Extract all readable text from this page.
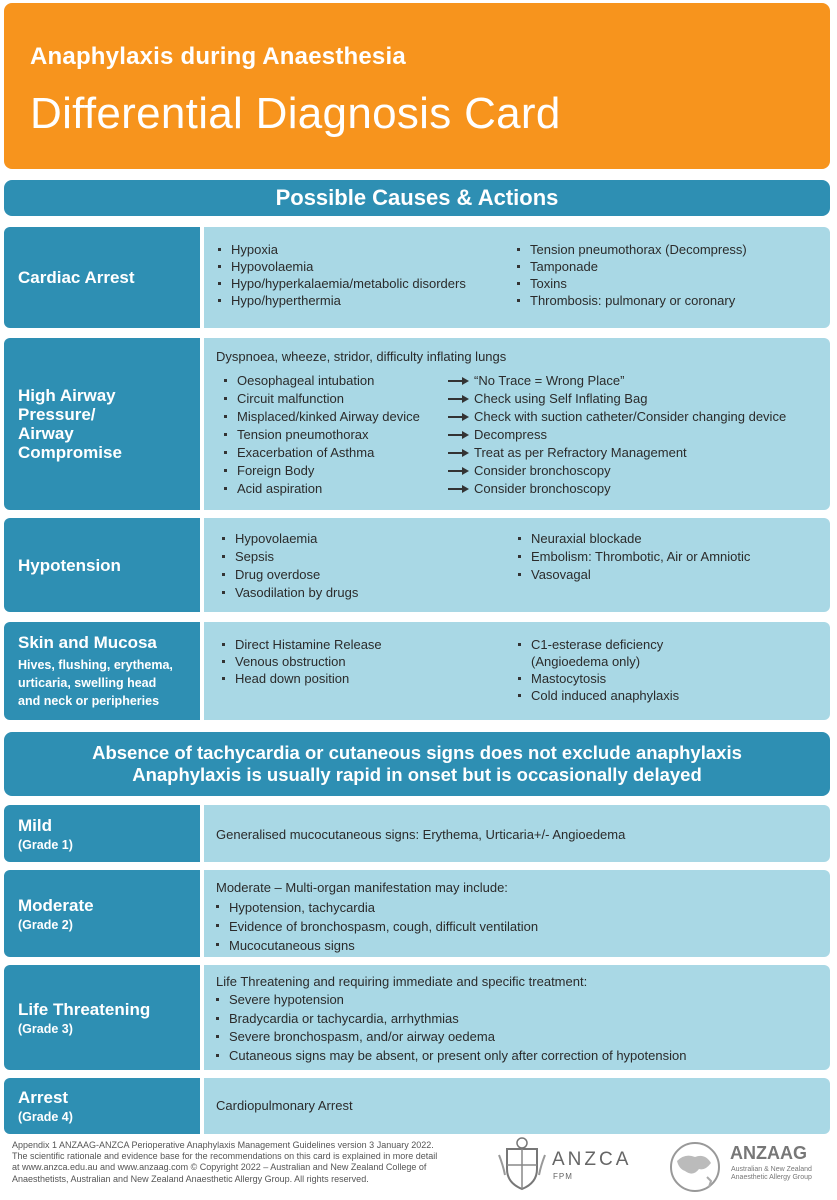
Anaphylaxis during Anaesthesia
Differential Diagnosis Card
Possible Causes & Actions
Cardiac Arrest
Hypoxia
Hypovolaemia
Hypo/hyperkalaemia/metabolic disorders
Hypo/hyperthermia
Tension pneumothorax (Decompress)
Tamponade
Toxins
Thrombosis: pulmonary or coronary
High Airway
Pressure/
Airway
Compromise
Dyspnoea, wheeze, stridor, difficulty inflating lungs
Oesophageal intubation
Circuit malfunction
Misplaced/kinked Airway device
Tension pneumothorax
Exacerbation of Asthma
Foreign Body
Acid aspiration
“No Trace = Wrong Place”
Check using Self Inflating Bag
Check with suction catheter/Consider changing device
Decompress
Treat as per Refractory Management
Consider bronchoscopy
Consider bronchoscopy
Hypotension
Hypovolaemia
Sepsis
Drug overdose
Vasodilation by drugs
Neuraxial blockade
Embolism: Thrombotic, Air or Amniotic
Vasovagal
Skin and Mucosa
Hives, flushing, erythema,
urticaria, swelling head
and neck or peripheries
Direct Histamine Release
Venous obstruction
Head down position
C1-esterase deficiency
(Angioedema only)
Mastocytosis
Cold induced anaphylaxis
Absence of tachycardia or cutaneous signs does not exclude anaphylaxis
Anaphylaxis is usually rapid in onset but is occasionally delayed
Mild
(Grade 1)
Generalised mucocutaneous signs: Erythema, Urticaria+/- Angioedema
Moderate
(Grade 2)
Moderate – Multi-organ manifestation may include:
Hypotension, tachycardia
Evidence of bronchospasm, cough, difficult ventilation
Mucocutaneous signs
Life Threatening
(Grade 3)
Life Threatening and requiring immediate and specific treatment:
Severe hypotension
Bradycardia or tachycardia, arrhythmias
Severe bronchospasm, and/or airway oedema
Cutaneous signs may be absent, or present only after correction of hypotension
Arrest
(Grade 4)
Cardiopulmonary Arrest
Appendix 1 ANZAAG-ANZCA Perioperative Anaphylaxis Management Guidelines version 3 January 2022.
The scientific rationale and evidence base for the recommendations on this card is explained in more detail
at www.anzca.edu.au and www.anzaag.com © Copyright 2022 – Australian and New Zealand College of
Anaesthetists, Australian and New Zealand Anaesthetic Allergy Group. All rights reserved.
ANZCA
FPM
ANZAAG
Australian & New Zealand
Anaesthetic Allergy Group
